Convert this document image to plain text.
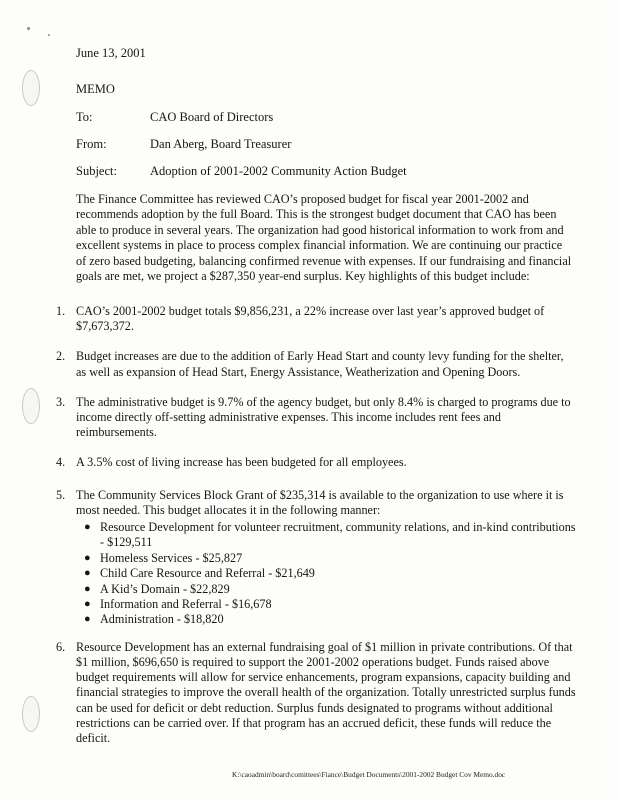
June 13, 2001
MEMO
To:	CAO Board of Directors
From:	Dan Aberg, Board Treasurer
Subject:	Adoption of 2001-2002 Community Action Budget

The Finance Committee has reviewed CAO’s proposed budget for fiscal year 2001-2002 and recommends adoption by the full Board. This is the strongest budget document that CAO has been able to produce in several years. The organization had good historical information to work from and excellent systems in place to process complex financial information. We are continuing our practice of zero based budgeting, balancing confirmed revenue with expenses. If our fundraising and financial goals are met, we project a $287,350 year-end surplus. Key highlights of this budget include:

1. CAO’s 2001-2002 budget totals $9,856,231, a 22% increase over last year’s approved budget of $7,673,372.
2. Budget increases are due to the addition of Early Head Start and county levy funding for the shelter, as well as expansion of Head Start, Energy Assistance, Weatherization and Opening Doors.
3. The administrative budget is 9.7% of the agency budget, but only 8.4% is charged to programs due to income directly off-setting administrative expenses. This income includes rent fees and reimbursements.
4. A 3.5% cost of living increase has been budgeted for all employees.
5. The Community Services Block Grant of $235,314 is available to the organization to use where it is most needed. This budget allocates it in the following manner:
● Resource Development for volunteer recruitment, community relations, and in-kind contributions - $129,511
● Homeless Services - $25,827
● Child Care Resource and Referral - $21,649
● A Kid’s Domain - $22,829
● Information and Referral - $16,678
● Administration - $18,820
6. Resource Development has an external fundraising goal of $1 million in private contributions. Of that $1 million, $696,650 is required to support the 2001-2002 operations budget. Funds raised above budget requirements will allow for service enhancements, program expansions, capacity building and financial strategies to improve the overall health of the organization. Totally unrestricted surplus funds can be used for deficit or debt reduction. Surplus funds designated to programs without additional restrictions can be carried over. If that program has an accrued deficit, these funds will reduce the deficit.
K:\caoadmin\board\comittees\Fiance\Budget Documents\2001-2002 Budget Cov Memo.doc
